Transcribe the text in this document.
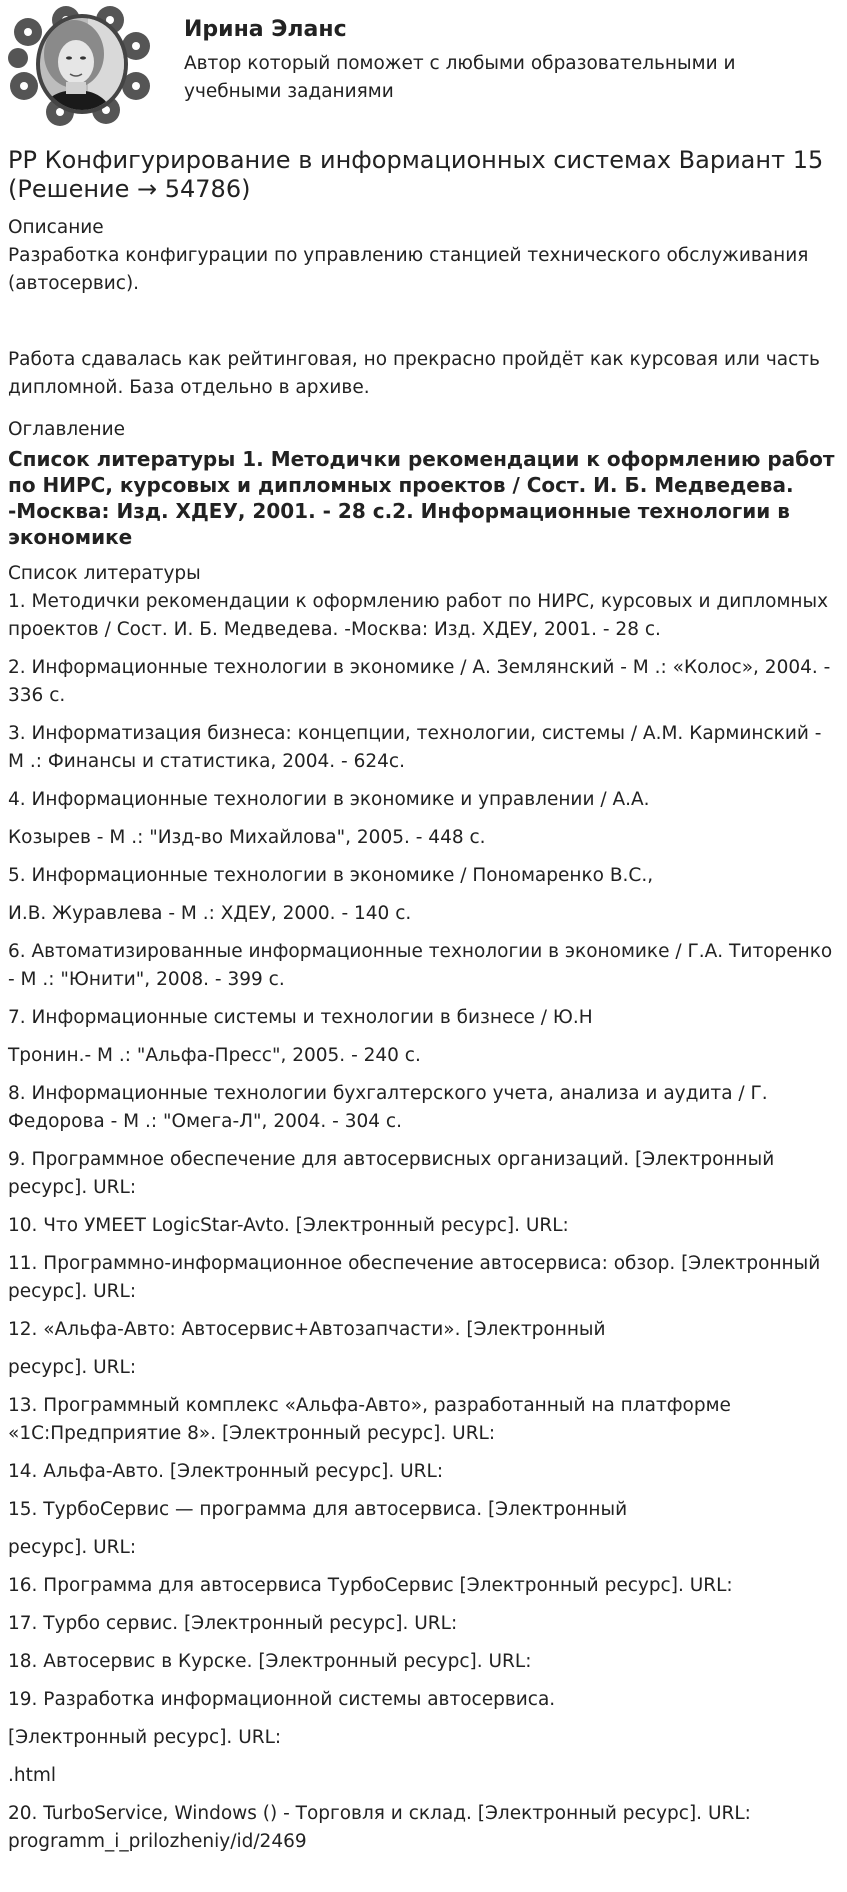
Ирина Эланс
Автор который поможет с любыми образовательными и учебными заданиями
РР Конфигурирование в информационных системах Вариант 15 (Решение → 54786)
Описание
Разработка конфигурации по управлению станцией технического обслуживания (автосервис).
Работа сдавалась как рейтинговая, но прекрасно пройдёт как курсовая или часть дипломной. База отдельно в архиве.
Оглавление
Список литературы 1. Методички рекомендации к оформлению работ по НИРС, курсовых и дипломных проектов / Сост. И. Б. Медведева. -Москва: Изд. ХДЕУ, 2001. - 28 с.2. Информационные технологии в экономике
Список литературы
1. Методички рекомендации к оформлению работ по НИРС, курсовых и дипломных проектов / Сост. И. Б. Медведева. -Москва: Изд. ХДЕУ, 2001. - 28 с.
2. Информационные технологии в экономике / А. Землянский - М .: «Колос», 2004. - 336 с.
3. Информатизация бизнеса: концепции, технологии, системы / А.М. Карминский - М .: Финансы и статистика, 2004. - 624с.
4. Информационные технологии в экономике и управлении / А.А.
Козырев - М .: "Изд-во Михайлова", 2005. - 448 с.
5. Информационные технологии в экономике / Пономаренко В.С.,
И.В. Журавлева - М .: ХДЕУ, 2000. - 140 с.
6. Автоматизированные информационные технологии в экономике / Г.А. Титоренко - М .: "Юнити", 2008. - 399 с.
7. Информационные системы и технологии в бизнесе / Ю.Н
Тронин.- М .: "Альфа-Пресс", 2005. - 240 с.
8. Информационные технологии бухгалтерского учета, анализа и аудита / Г. Федорова - М .: "Омега-Л", 2004. - 304 с.
9. Программное обеспечение для автосервисных организаций. [Электронный ресурс]. URL:
10. Что УМЕЕТ LogicStar-Avto. [Электронный ресурс]. URL:
11. Программно-информационное обеспечение автосервиса: обзор. [Электронный ресурс]. URL:
12. «Альфа-Авто: Автосервис+Автозапчасти». [Электронный
ресурс]. URL:
13. Программный комплекс «Альфа-Авто», разработанный на платформе «1С:Предприятие 8». [Электронный ресурс]. URL:
14. Альфа-Авто. [Электронный ресурс]. URL:
15. ТурбоСервис — программа для автосервиса. [Электронный
ресурс]. URL:
16. Программа для автосервиса ТурбоСервис [Электронный ресурс]. URL:
17. Турбо сервис. [Электронный ресурс]. URL:
18. Автосервис в Курске. [Электронный ресурс]. URL:
19. Разработка информационной системы автосервиса.
[Электронный ресурс]. URL:
.html
20. TurboService, Windows () - Торговля и склад. [Электронный ресурс]. URL: programm_i_prilozheniy/id/2469
